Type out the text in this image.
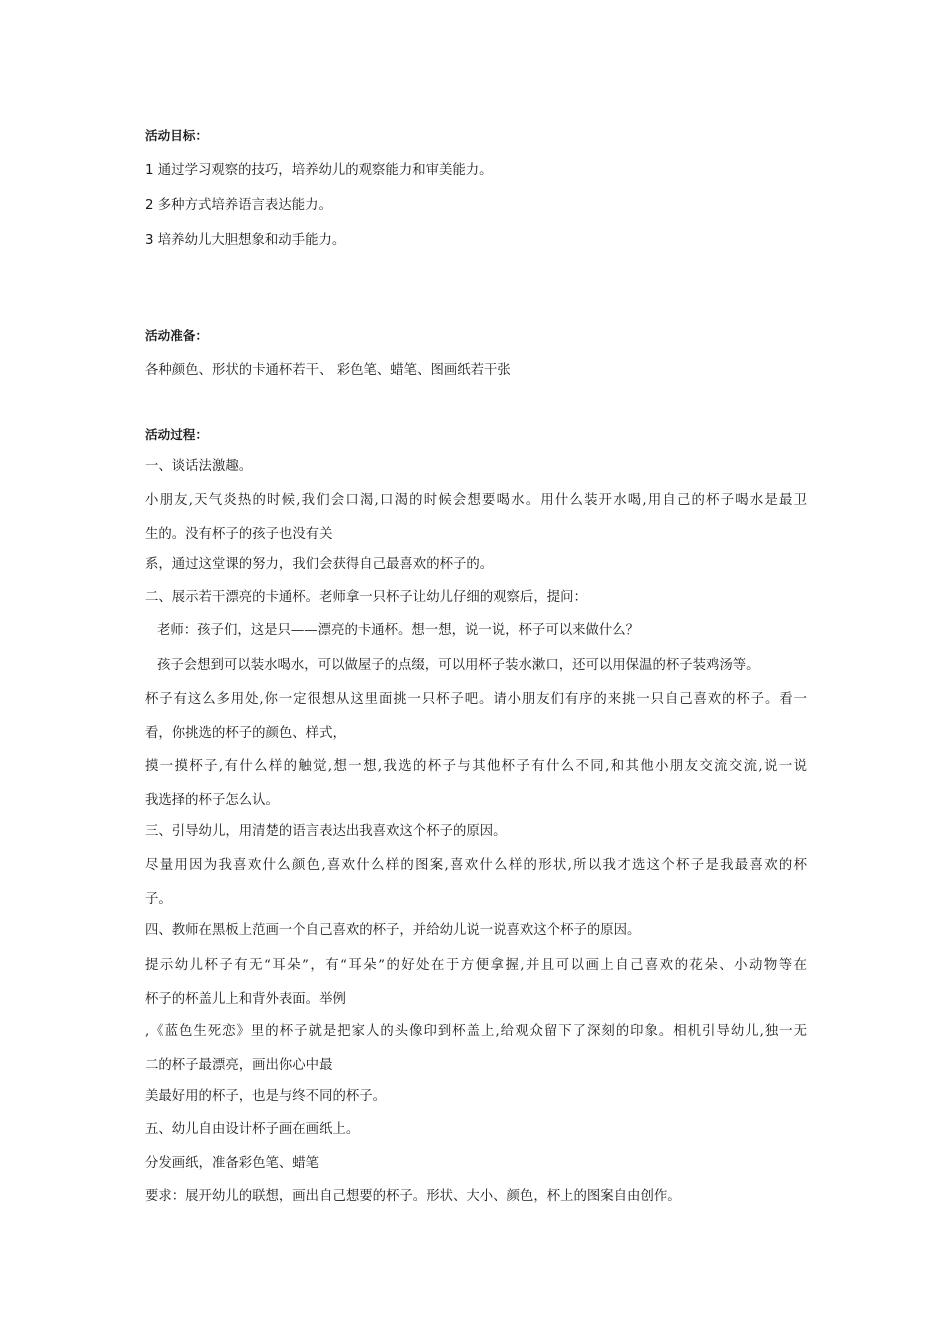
活动目标：
1 通过学习观察的技巧，培养幼儿的观察能力和审美能力。
2 多种方式培养语言表达能力。
3 培养幼儿大胆想象和动手能力。
活动准备：
各种颜色、形状的卡通杯若干、 彩色笔、蜡笔、图画纸若干张
活动过程：
一、谈话法激趣。
小朋友,天气炎热的时候,我们会口渴,口渴的时候会想要喝水。用什么装开水喝,用自己的杯子喝水是最卫
生的。没有杯子的孩子也没有关
系，通过这堂课的努力，我们会获得自己最喜欢的杯子的。
二、展示若干漂亮的卡通杯。老师拿一只杯子让幼儿仔细的观察后，提问：
老师：孩子们，这是只——漂亮的卡通杯。想一想，说一说，杯子可以来做什么？
孩子会想到可以装水喝水，可以做屋子的点缀，可以用杯子装水漱口，还可以用保温的杯子装鸡汤等。
杯子有这么多用处,你一定很想从这里面挑一只杯子吧。请小朋友们有序的来挑一只自己喜欢的杯子。看一
看，你挑选的杯子的颜色、样式，
摸一摸杯子,有什么样的触觉,想一想,我选的杯子与其他杯子有什么不同,和其他小朋友交流交流,说一说
我选择的杯子怎么认。
三、引导幼儿，用清楚的语言表达出我喜欢这个杯子的原因。
尽量用因为我喜欢什么颜色,喜欢什么样的图案,喜欢什么样的形状,所以我才选这个杯子是我最喜欢的杯
子。
四、教师在黑板上范画一个自己喜欢的杯子，并给幼儿说一说喜欢这个杯子的原因。
提示幼儿杯子有无“耳朵”，有“耳朵”的好处在于方便拿握,并且可以画上自己喜欢的花朵、小动物等在
杯子的杯盖儿上和背外表面。举例
,《蓝色生死恋》里的杯子就是把家人的头像印到杯盖上,给观众留下了深刻的印象。相机引导幼儿,独一无
二的杯子最漂亮，画出你心中最
美最好用的杯子，也是与终不同的杯子。
五、幼儿自由设计杯子画在画纸上。
分发画纸，准备彩色笔、蜡笔
要求：展开幼儿的联想，画出自己想要的杯子。形状、大小、颜色，杯上的图案自由创作。
